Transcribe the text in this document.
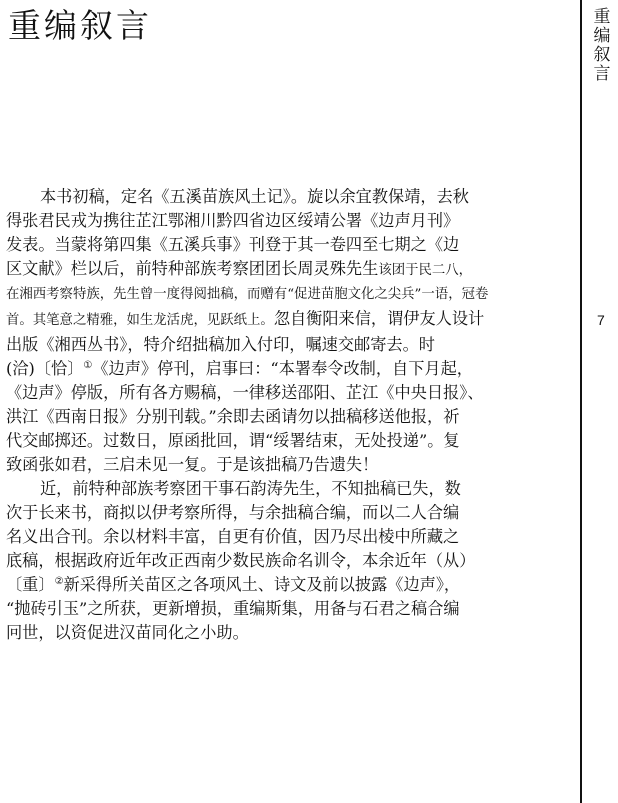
重编叙言	重编叙言
7

本书初稿，定名《五溪苗族风土记》。旋以余宜教保靖，去秋
得张君民戎为携往芷江鄂湘川黔四省边区绥靖公署《边声月刊》
发表。当蒙将第四集《五溪兵事》刊登于其一卷四至七期之《边
区文献》栏以后，前特种部族考察团团长周灵殊先生该团于民二八，
在湘西考察特族，先生曾一度得阅拙稿，而赠有“促进苗胞文化之尖兵”一语，冠卷
首。其笔意之精雅，如生龙活虎，见跃纸上。忽自衡阳来信，谓伊友人设计
出版《湘西丛书》，特介绍拙稿加入付印，嘱速交邮寄去。时
(洽)〔恰〕①《边声》停刊，启事曰：“本署奉令改制，自下月起，
《边声》停版，所有各方赐稿，一律移送邵阳、芷江《中央日报》、
洪江《西南日报》分别刊载。”余即去函请勿以拙稿移送他报，祈
代交邮掷还。过数日，原函批回，谓“绥署结束，无处投递”。复
致函张如君，三启未见一复。于是该拙稿乃告遗失！

近，前特种部族考察团干事石韵涛先生，不知拙稿已失，数
次于长来书，商拟以伊考察所得，与余拙稿合编，而以二人合编
名义出合刊。余以材料丰富，自更有价值，因乃尽出棱中所藏之
底稿，根据政府近年改正西南少数民族命名训令，本余近年（从）
〔重〕②新采得所关苗区之各项风土、诗文及前以披露《边声》，
“抛砖引玉”之所获，更新增损，重编斯集，用备与石君之稿合编
冋世，以资促进汉苗同化之小助。
